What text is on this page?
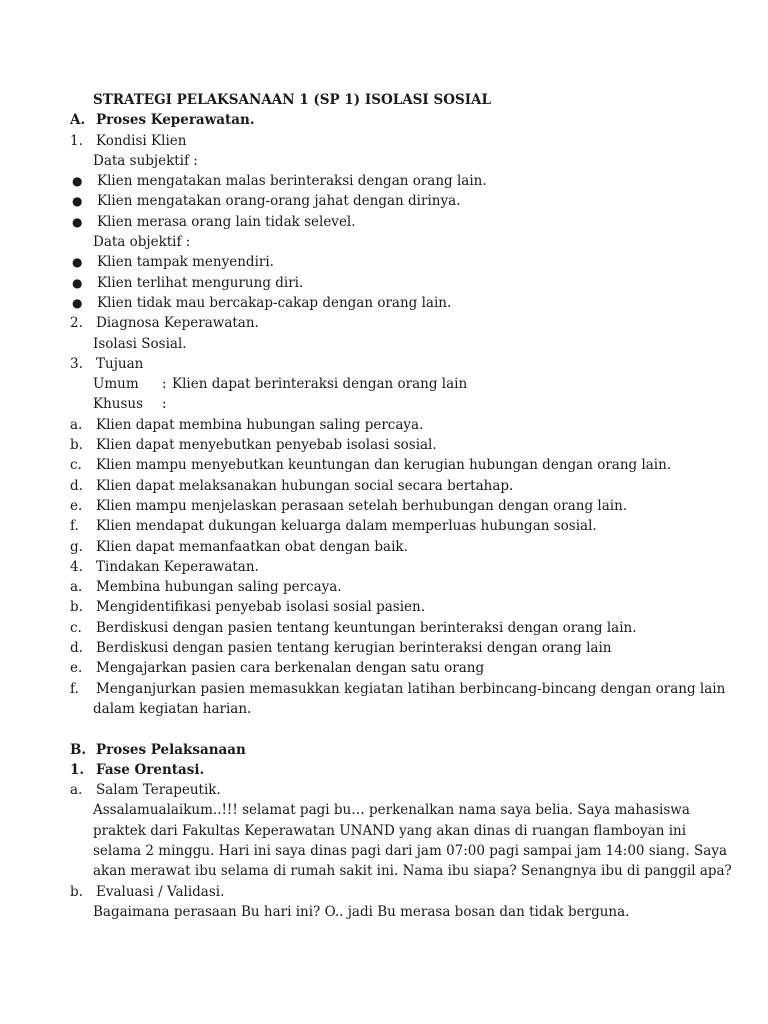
STRATEGI PELAKSANAAN 1 (SP 1) ISOLASI SOSIAL
A. Proses Keperawatan.
1. Kondisi Klien
Data subjektif :
● Klien mengatakan malas berinteraksi dengan orang lain.
● Klien mengatakan orang-orang jahat dengan dirinya.
● Klien merasa orang lain tidak selevel.
Data objektif :
● Klien tampak menyendiri.
● Klien terlihat mengurung diri.
● Klien tidak mau bercakap-cakap dengan orang lain.
2. Diagnosa Keperawatan.
Isolasi Sosial.
3. Tujuan
Umum : Klien dapat berinteraksi dengan orang lain
Khusus :
a. Klien dapat membina hubungan saling percaya.
b. Klien dapat menyebutkan penyebab isolasi sosial.
c. Klien mampu menyebutkan keuntungan dan kerugian hubungan dengan orang lain.
d. Klien dapat melaksanakan hubungan social secara bertahap.
e. Klien mampu menjelaskan perasaan setelah berhubungan dengan orang lain.
f. Klien mendapat dukungan keluarga dalam memperluas hubungan sosial.
g. Klien dapat memanfaatkan obat dengan baik.
4. Tindakan Keperawatan.
a. Membina hubungan saling percaya.
b. Mengidentifikasi penyebab isolasi sosial pasien.
c. Berdiskusi dengan pasien tentang keuntungan berinteraksi dengan orang lain.
d. Berdiskusi dengan pasien tentang kerugian berinteraksi dengan orang lain
e. Mengajarkan pasien cara berkenalan dengan satu orang
f. Menganjurkan pasien memasukkan kegiatan latihan berbincang-bincang dengan orang lain
dalam kegiatan harian.
B. Proses Pelaksanaan
1. Fase Orentasi.
a. Salam Terapeutik.
Assalamualaikum..!!! selamat pagi bu… perkenalkan nama saya belia. Saya mahasiswa
praktek dari Fakultas Keperawatan UNAND yang akan dinas di ruangan flamboyan ini
selama 2 minggu. Hari ini saya dinas pagi dari jam 07:00 pagi sampai jam 14:00 siang. Saya
akan merawat ibu selama di rumah sakit ini. Nama ibu siapa? Senangnya ibu di panggil apa?
b. Evaluasi / Validasi.
Bagaimana perasaan Bu hari ini? O.. jadi Bu merasa bosan dan tidak berguna.
